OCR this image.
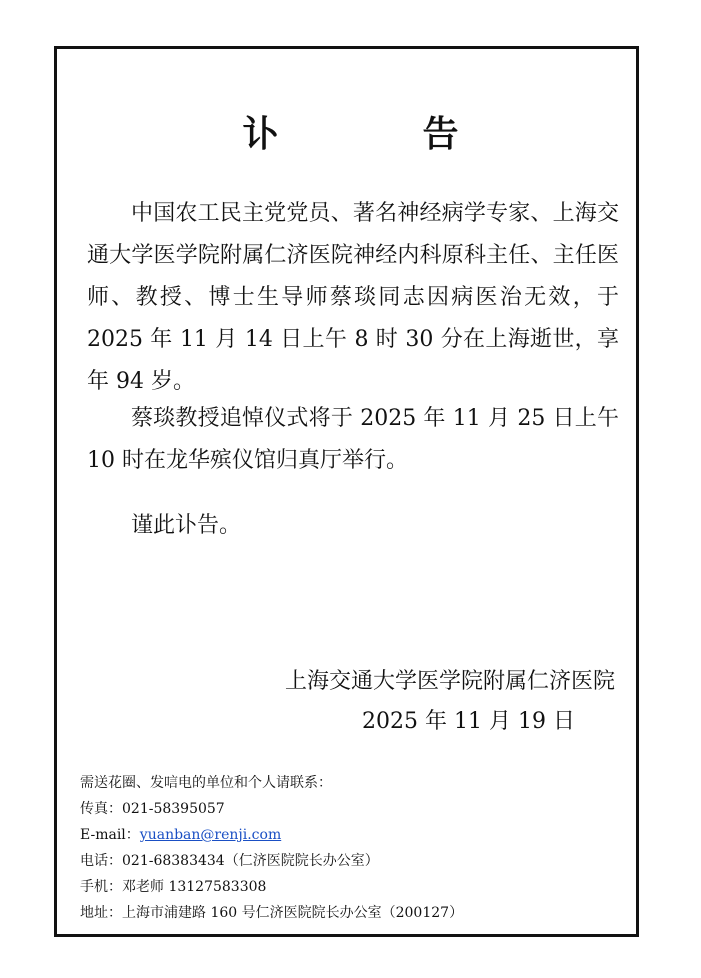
讣　告
中国农工民主党党员、著名神经病学专家、上海交通大学医学院附属仁济医院神经内科原科主任、主任医师、教授、博士生导师蔡琰同志因病医治无效，于 2025 年 11 月 14 日上午 8 时 30 分在上海逝世，享年 94 岁。
蔡琰教授追悼仪式将于 2025 年 11 月 25 日上午 10 时在龙华殡仪馆归真厅举行。
谨此讣告。
上海交通大学医学院附属仁济医院
2025 年 11 月 19 日
需送花圈、发唁电的单位和个人请联系：
传真：021-58395057
E-mail：yuanban@renji.com
电话：021-68383434（仁济医院院长办公室）
手机：邓老师 13127583308
地址：上海市浦建路 160 号仁济医院院长办公室（200127）
